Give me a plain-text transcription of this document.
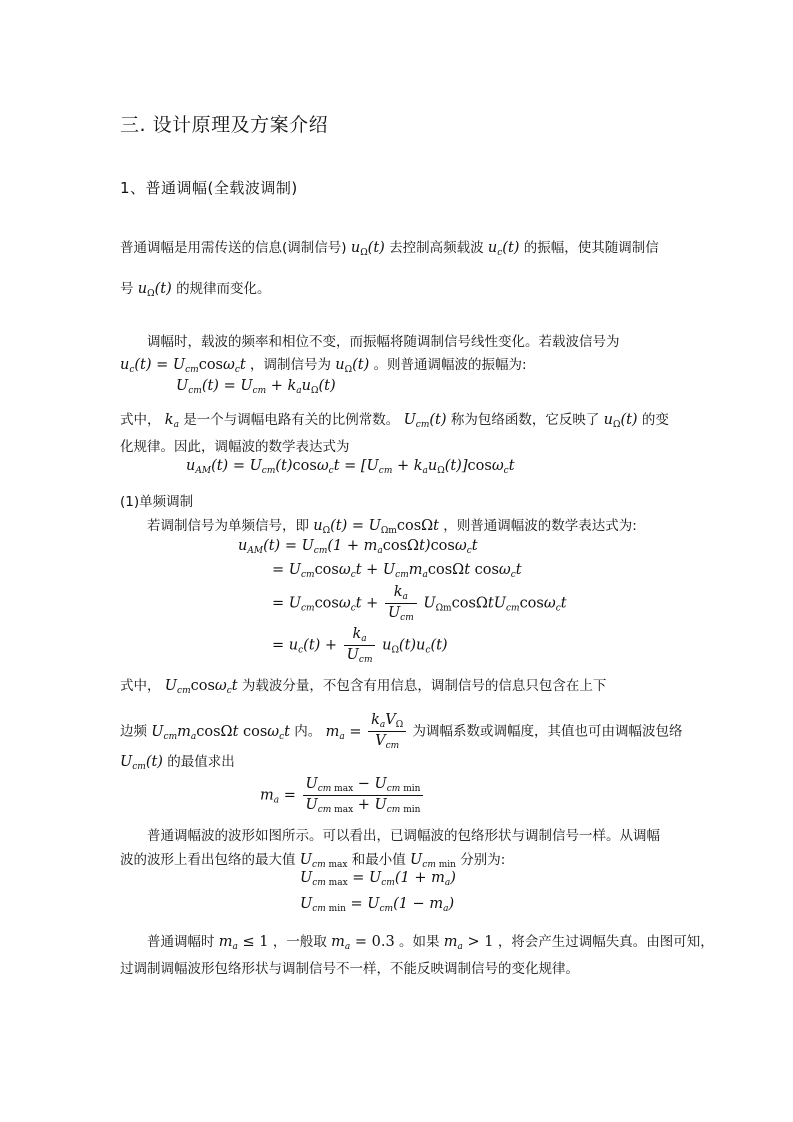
三. 设计原理及方案介绍
1、普通调幅(全载波调制)
普通调幅是用需传送的信息(调制信号) $u_\Omega(t)$ 去控制高频载波 $u_c(t)$ 的振幅，使其随调制信
号 $u_\Omega(t)$ 的规律而变化。
调幅时，载波的频率和相位不变，而振幅将随调制信号线性变化。若载波信号为
$u_c(t) = U_{cm}\cos\omega_ct$ ，调制信号为 $u_\Omega(t)$ 。则普通调幅波的振幅为:
$U_{cm}(t) = U_{cm} + k_au_\Omega(t)$
式中， $k_a$ 是一个与调幅电路有关的比例常数。 $U_{cm}(t)$ 称为包络函数，它反映了 $u_\Omega(t)$ 的变
化规律。因此，调幅波的数学表达式为
$u_{AM}(t) = U_{cm}(t)\cos\omega_ct = [U_{cm} + k_au_\Omega(t)]\cos\omega_ct$
(1)单频调制
若调制信号为单频信号，即 $u_\Omega(t) = U_{\Omega m}\cos\Omega t$ ，则普通调幅波的数学表达式为:
$u_{AM}(t) = U_{cm}(1 + m_a\cos\Omega t)\cos\omega_ct$
= $U_{cm}\cos\omega_ct + U_{cm}m_a\cos\Omega t$ cosω$_c$t
= $U_{cm}\cos\omega_ct + \frac{k_a}{U_{cm}} U_{\Omega m}\cos\Omega tU_{cm}\cos\omega_ct$
= $u_c(t) + \frac{k_a}{U_{cm}} u_\Omega(t)u_c(t)$
式中， $U_{cm}\cos\omega_ct$ 为载波分量，不包含有用信息，调制信号的信息只包含在上下
边频 $U_{cm}m_a\cos\Omega t$ cosω$_c$t 内。 $m_a = \frac{k_aV_\Omega}{V_{cm}}$ 为调幅系数或调幅度，其值也可由调幅波包络
$U_{cm}(t)$ 的最值求出
$m_a = \frac{U_{cm max} - U_{cm min}}{U_{cm max} + U_{cm min}}$
普通调幅波的波形如图所示。可以看出，已调幅波的包络形状与调制信号一样。从调幅
波的波形上看出包络的最大值 $U_{cm max}$ 和最小值 $U_{cm min}$ 分别为:
$U_{cm max} = U_{cm}(1 + m_a)$
$U_{cm min} = U_{cm}(1 - m_a)$
普通调幅时 $m_a \le 1$ ，一般取 $m_a = 0.3$ 。如果 $m_a > 1$ ，将会产生过调幅失真。由图可知，
过调制调幅波形包络形状与调制信号不一样，不能反映调制信号的变化规律。
